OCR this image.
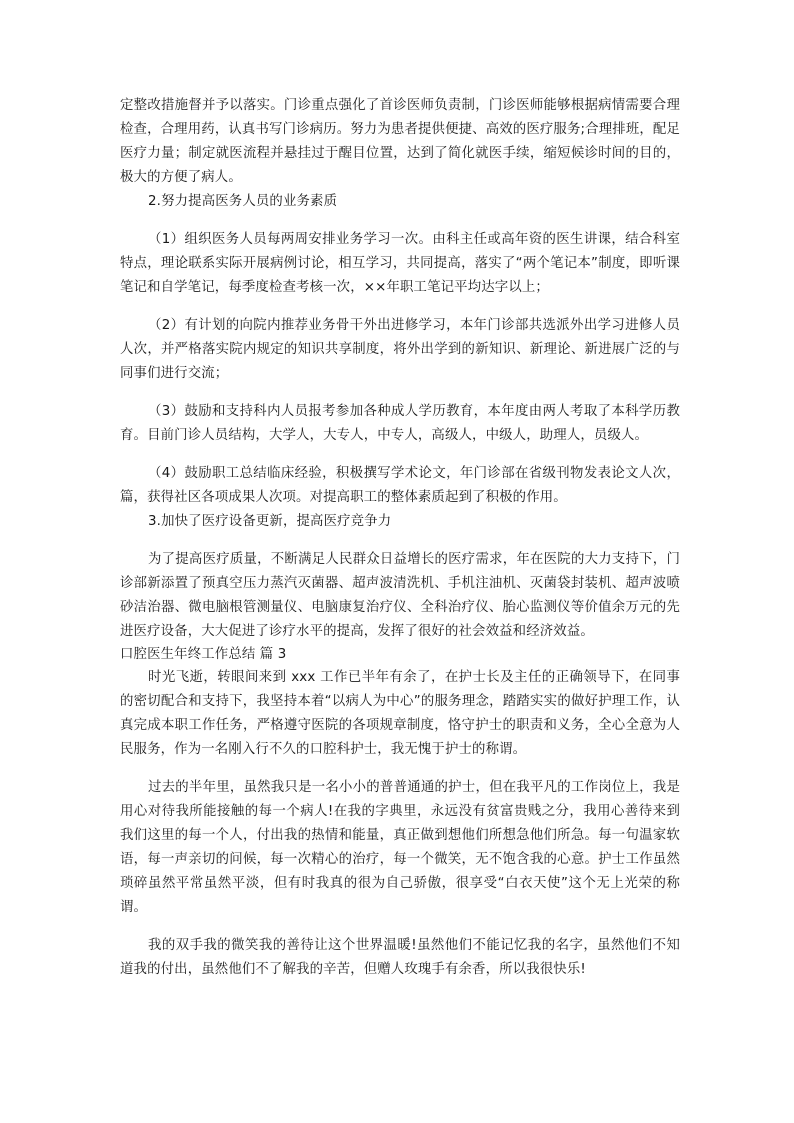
定整改措施督并予以落实。门诊重点强化了首诊医师负责制，门诊医师能够根据病情需要合理检查，合理用药，认真书写门诊病历。努力为患者提供便捷、高效的医疗服务;合理排班，配足医疗力量；制定就医流程并悬挂过于醒目位置，达到了简化就医手续，缩短候诊时间的目的，极大的方便了病人。

2.努力提高医务人员的业务素质

（1）组织医务人员每两周安排业务学习一次。由科主任或高年资的医生讲课，结合科室特点，理论联系实际开展病例讨论，相互学习，共同提高，落实了“两个笔记本”制度，即听课笔记和自学笔记，每季度检查考核一次，××年职工笔记平均达字以上；

（2）有计划的向院内推荐业务骨干外出进修学习，本年门诊部共选派外出学习进修人员人次，并严格落实院内规定的知识共享制度，将外出学到的新知识、新理论、新进展广泛的与同事们进行交流；

（3）鼓励和支持科内人员报考参加各种成人学历教育，本年度由两人考取了本科学历教育。目前门诊人员结构，大学人，大专人，中专人，高级人，中级人，助理人，员级人。

（4）鼓励职工总结临床经验，积极撰写学术论文，年门诊部在省级刊物发表论文人次，篇，获得社区各项成果人次项。对提高职工的整体素质起到了积极的作用。

3.加快了医疗设备更新，提高医疗竞争力

为了提高医疗质量，不断满足人民群众日益增长的医疗需求，年在医院的大力支持下，门诊部新添置了预真空压力蒸汽灭菌器、超声波清洗机、手机注油机、灭菌袋封装机、超声波喷砂洁治器、微电脑根管测量仪、电脑康复治疗仪、全科治疗仪、胎心监测仪等价值余万元的先进医疗设备，大大促进了诊疗水平的提高，发挥了很好的社会效益和经济效益。

口腔医生年终工作总结 篇 3

时光飞逝，转眼间来到 xxx 工作已半年有余了，在护士长及主任的正确领导下，在同事的密切配合和支持下，我坚持本着“以病人为中心”的服务理念，踏踏实实的做好护理工作，认真完成本职工作任务，严格遵守医院的各项规章制度，恪守护士的职责和义务，全心全意为人民服务，作为一名刚入行不久的口腔科护士，我无愧于护士的称谓。

过去的半年里，虽然我只是一名小小的普普通通的护士，但在我平凡的工作岗位上，我是用心对待我所能接触的每一个病人!在我的字典里，永远没有贫富贵贱之分，我用心善待来到我们这里的每一个人，付出我的热情和能量，真正做到想他们所想急他们所急。每一句温家软语，每一声亲切的问候，每一次精心的治疗，每一个微笑，无不饱含我的心意。护士工作虽然琐碎虽然平常虽然平淡，但有时我真的很为自己骄傲，很享受“白衣天使”这个无上光荣的称谓。

我的双手我的微笑我的善待让这个世界温暖!虽然他们不能记忆我的名字，虽然他们不知道我的付出，虽然他们不了解我的辛苦，但赠人玫瑰手有余香，所以我很快乐!
